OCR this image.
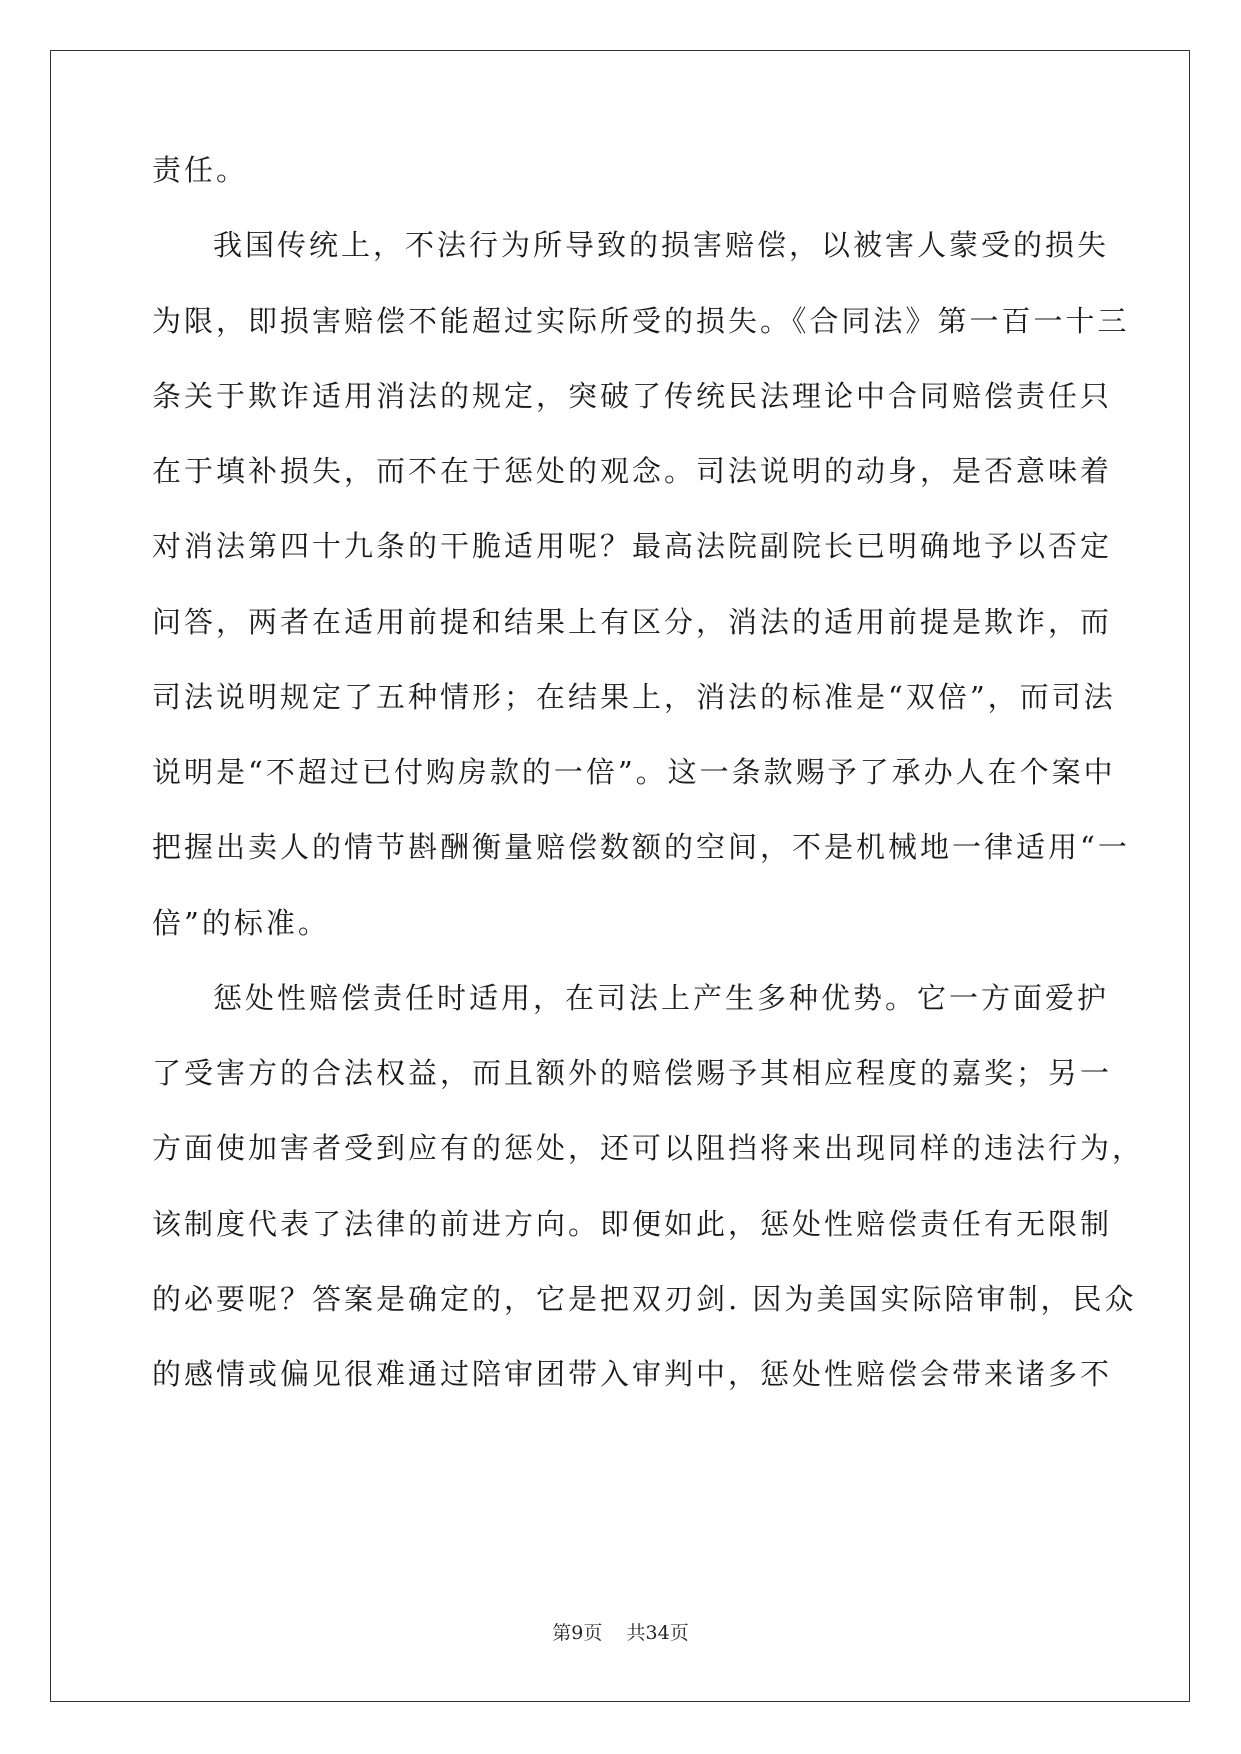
责任。
我国传统上，不法行为所导致的损害赔偿，以被害人蒙受的损失
为限，即损害赔偿不能超过实际所受的损失。《合同法》第一百一十三
条关于欺诈适用消法的规定，突破了传统民法理论中合同赔偿责任只
在于填补损失，而不在于惩处的观念。司法说明的动身，是否意味着
对消法第四十九条的干脆适用呢？最高法院副院长已明确地予以否定
问答，两者在适用前提和结果上有区分，消法的适用前提是欺诈，而
司法说明规定了五种情形；在结果上，消法的标准是“双倍”，而司法
说明是“不超过已付购房款的一倍”。这一条款赐予了承办人在个案中
把握出卖人的情节斟酬衡量赔偿数额的空间，不是机械地一律适用“一
倍”的标准。
惩处性赔偿责任时适用，在司法上产生多种优势。它一方面爱护
了受害方的合法权益，而且额外的赔偿赐予其相应程度的嘉奖；另一
方面使加害者受到应有的惩处，还可以阻挡将来出现同样的违法行为，
该制度代表了法律的前进方向。即便如此，惩处性赔偿责任有无限制
的必要呢？答案是确定的，它是把双刃剑. 因为美国实际陪审制，民众
的感情或偏见很难通过陪审团带入审判中，惩处性赔偿会带来诸多不
第9页    共34页
